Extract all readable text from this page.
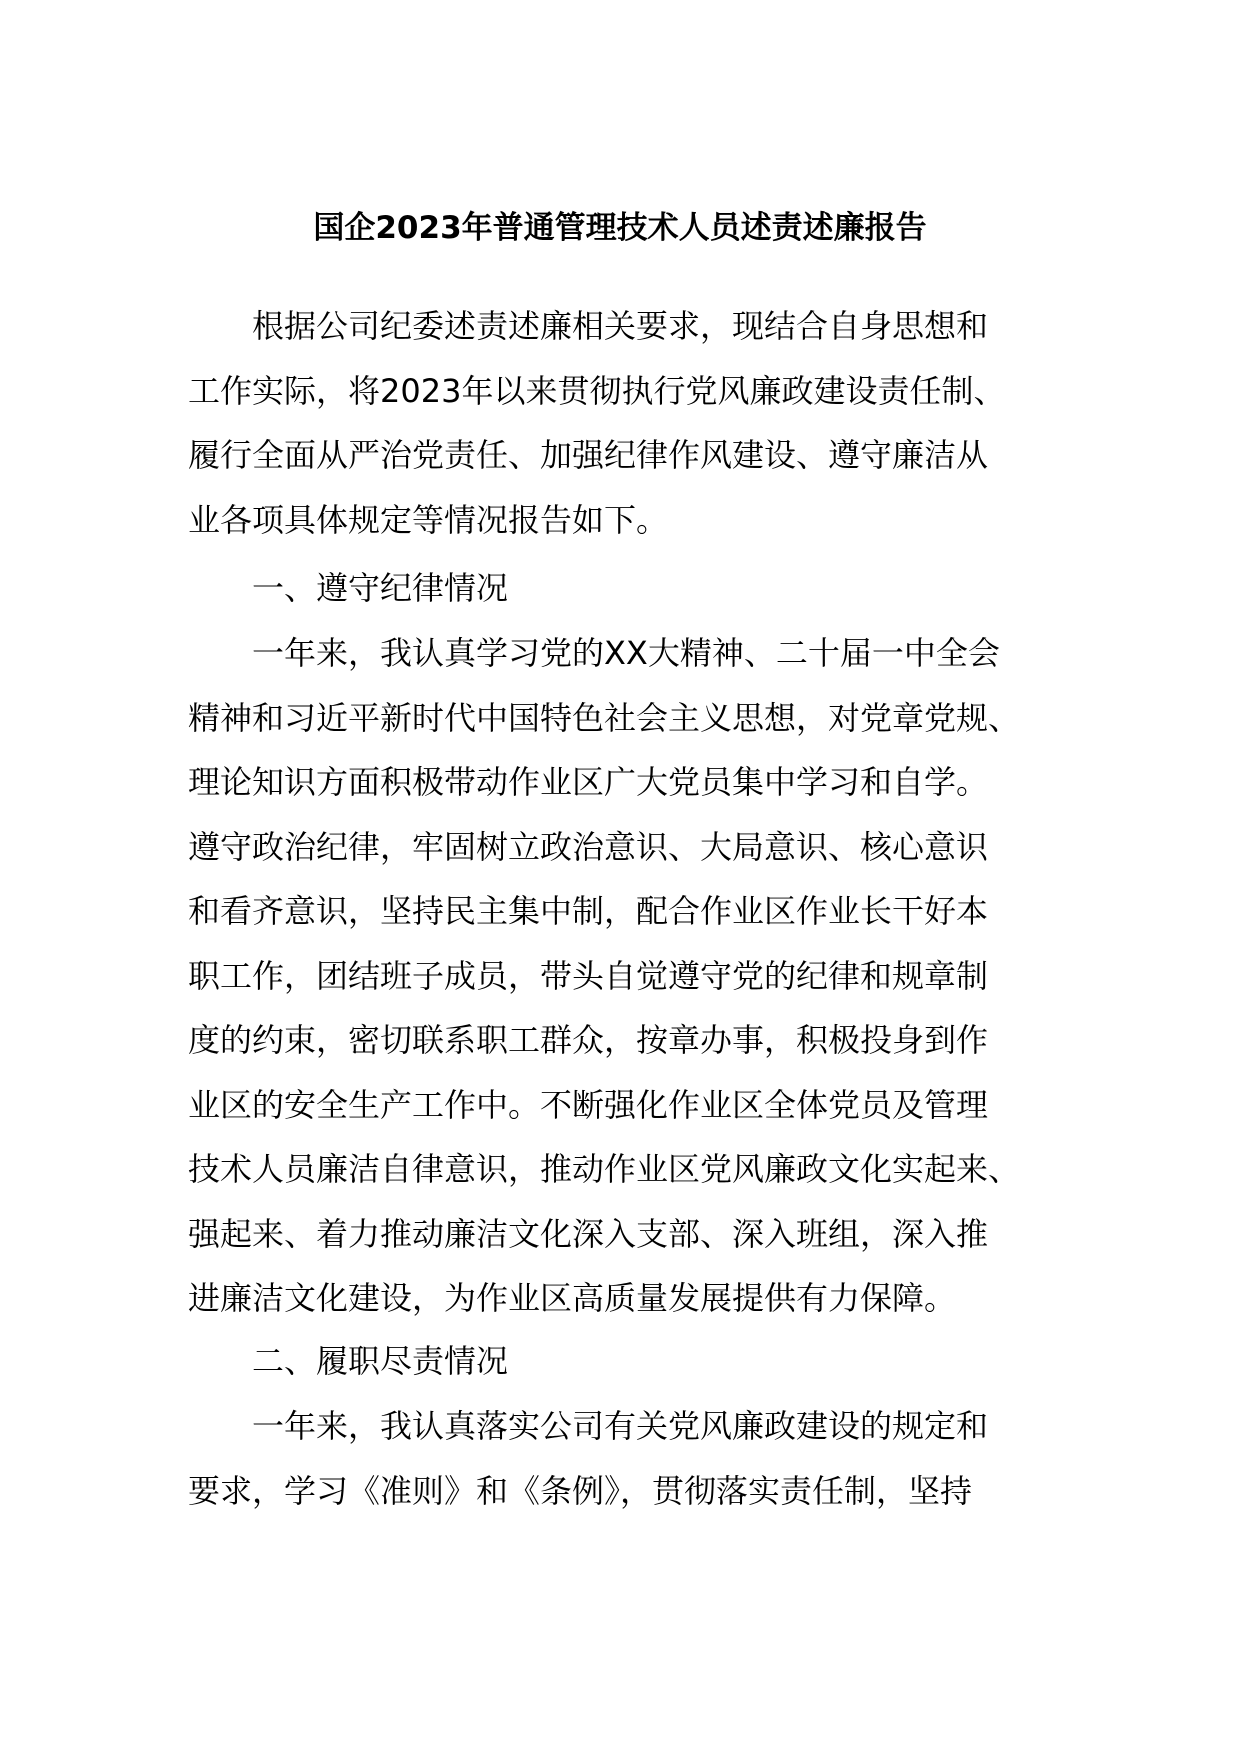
国企2023年普通管理技术人员述责述廉报告

　　根据公司纪委述责述廉相关要求，现结合自身思想和
工作实际，将2023年以来贯彻执行党风廉政建设责任制、
履行全面从严治党责任、加强纪律作风建设、遵守廉洁从
业各项具体规定等情况报告如下。

　　一、遵守纪律情况

　　一年来，我认真学习党的XX大精神、二十届一中全会
精神和习近平新时代中国特色社会主义思想，对党章党规、
理论知识方面积极带动作业区广大党员集中学习和自学。
遵守政治纪律，牢固树立政治意识、大局意识、核心意识
和看齐意识，坚持民主集中制，配合作业区作业长干好本
职工作，团结班子成员，带头自觉遵守党的纪律和规章制
度的约束，密切联系职工群众，按章办事，积极投身到作
业区的安全生产工作中。不断强化作业区全体党员及管理
技术人员廉洁自律意识，推动作业区党风廉政文化实起来、
强起来、着力推动廉洁文化深入支部、深入班组，深入推
进廉洁文化建设，为作业区高质量发展提供有力保障。

　　二、履职尽责情况

　　一年来，我认真落实公司有关党风廉政建设的规定和
要求，学习《准则》和《条例》，贯彻落实责任制，坚持
